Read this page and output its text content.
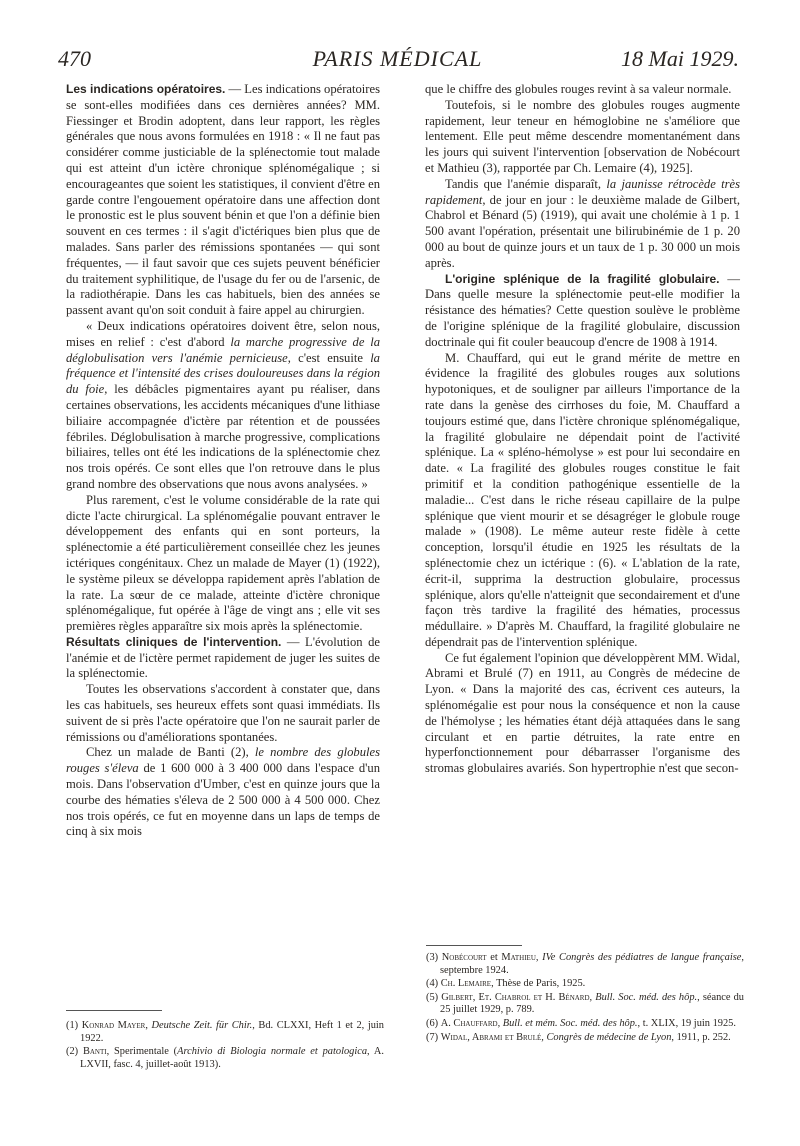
470	PARIS MÉDICAL	18 Mai 1929.

Les indications opératoires. — Les indications opératoires se sont-elles modifiées dans ces dernières années? MM. Fiessinger et Brodin adoptent, dans leur rapport, les règles générales que nous avons formulées en 1918 : « Il ne faut pas considérer comme justiciable de la splénectomie tout malade qui est atteint d'un ictère chronique splénomégalique ; si encourageantes que soient les statistiques, il convient d'être en garde contre l'engouement opératoire dans une affection dont le pronostic est le plus souvent bénin et que l'on a définie bien souvent en ces termes : il s'agit d'ictériques bien plus que de malades. Sans parler des rémissions spontanées — qui sont fréquentes, — il faut savoir que ces sujets peuvent bénéficier du traitement syphilitique, de l'usage du fer ou de l'arsenic, de la radiothérapie. Dans les cas habituels, bien des années se passent avant qu'on soit conduit à faire appel au chirurgien.

« Deux indications opératoires doivent être, selon nous, mises en relief : c'est d'abord la marche progressive de la déglobulisation vers l'anémie pernicieuse, c'est ensuite la fréquence et l'intensité des crises douloureuses dans la région du foie, les débâcles pigmentaires ayant pu réaliser, dans certaines observations, les accidents mécaniques d'une lithiase biliaire accompagnée d'ictère par rétention et de poussées fébriles. Déglobulisation à marche progressive, complications biliaires, telles ont été les indications de la splénectomie chez nos trois opérés. Ce sont elles que l'on retrouve dans le plus grand nombre des observations que nous avons analysées. »

Plus rarement, c'est le volume considérable de la rate qui dicte l'acte chirurgical. La splénomégalie pouvant entraver le développement des enfants qui en sont porteurs, la splénectomie a été particulièrement conseillée chez les jeunes ictériques congénitaux. Chez un malade de Mayer (1) (1922), le système pileux se développa rapidement après l'ablation de la rate. La sœur de ce malade, atteinte d'ictère chronique splénomégalique, fut opérée à l'âge de vingt ans ; elle vit ses premières règles apparaître six mois après la splénectomie.

Résultats cliniques de l'intervention. — L'évolution de l'anémie et de l'ictère permet rapidement de juger les suites de la splénectomie.

Toutes les observations s'accordent à constater que, dans les cas habituels, ses heureux effets sont quasi immédiats. Ils suivent de si près l'acte opératoire que l'on ne saurait parler de rémissions ou d'améliorations spontanées.

Chez un malade de Banti (2), le nombre des globules rouges s'éleva de 1 600 000 à 3 400 000 dans l'espace d'un mois. Dans l'observation d'Umber, c'est en quinze jours que la courbe des hématies s'éleva de 2 500 000 à 4 500 000. Chez nos trois opérés, ce fut en moyenne dans un laps de temps de cinq à six mois

que le chiffre des globules rouges revint à sa valeur normale.

Toutefois, si le nombre des globules rouges augmente rapidement, leur teneur en hémoglobine ne s'améliore que lentement. Elle peut même descendre momentanément dans les jours qui suivent l'intervention [observation de Nobécourt et Mathieu (3), rapportée par Ch. Lemaire (4), 1925].

Tandis que l'anémie disparaît, la jaunisse rétrocède très rapidement, de jour en jour : le deuxième malade de Gilbert, Chabrol et Bénard (5) (1919), qui avait une cholémie à 1 p. 1 500 avant l'opération, présentait une bilirubinémie de 1 p. 20 000 au bout de quinze jours et un taux de 1 p. 30 000 un mois après.

L'origine splénique de la fragilité globulaire. — Dans quelle mesure la splénectomie peut-elle modifier la résistance des hématies? Cette question soulève le problème de l'origine splénique de la fragilité globulaire, discussion doctrinale qui fit couler beaucoup d'encre de 1908 à 1914.

M. Chauffard, qui eut le grand mérite de mettre en évidence la fragilité des globules rouges aux solutions hypotoniques, et de souligner par ailleurs l'importance de la rate dans la genèse des cirrhoses du foie, M. Chauffard a toujours estimé que, dans l'ictère chronique splénomégalique, la fragilité globulaire ne dépendait point de l'activité splénique. La « spléno-hémolyse » est pour lui secondaire en date. « La fragilité des globules rouges constitue le fait primitif et la condition pathogénique essentielle de la maladie... C'est dans le riche réseau capillaire de la pulpe splénique que vient mourir et se désagréger le globule rouge malade » (1908). Le même auteur reste fidèle à cette conception, lorsqu'il étudie en 1925 les résultats de la splénectomie chez un ictérique : (6). « L'ablation de la rate, écrit-il, supprima la destruction globulaire, processus splénique, alors qu'elle n'atteignit que secondairement et d'une façon très tardive la fragilité des hématies, processus médullaire. » D'après M. Chauffard, la fragilité globulaire ne dépendrait pas de l'intervention splénique.

Ce fut également l'opinion que développèrent MM. Widal, Abrami et Brulé (7) en 1911, au Congrès de médecine de Lyon. « Dans la majorité des cas, écrivent ces auteurs, la splénomégalie est pour nous la conséquence et non la cause de l'hémolyse ; les hématies étant déjà attaquées dans le sang circulant et en partie détruites, la rate entre en hyperfonctionnement pour débarrasser l'organisme des stromas globulaires avariés. Son hypertrophie n'est que secon-

(1) Konrad Mayer, Deutsche Zeit. für Chir., Bd. CLXXI, Heft 1 et 2, juin 1922.

(2) Banti, Sperimentale (Archivio di Biologia normale et patologica, A. LXVII, fasc. 4, juillet-août 1913).

(3) Nobécourt et Mathieu, IVe Congrès des pédiatres de langue française, septembre 1924.

(4) Ch. Lemaire, Thèse de Paris, 1925.

(5) Gilbert, Et. Chabrol et H. Bénard, Bull. Soc. méd. des hôp., séance du 25 juillet 1929, p. 789.

(6) A. Chauffard, Bull. et mém. Soc. méd. des hôp., t. XLIX, 19 juin 1925.

(7) Widal, Abrami et Brulé, Congrès de médecine de Lyon, 1911, p. 252.
